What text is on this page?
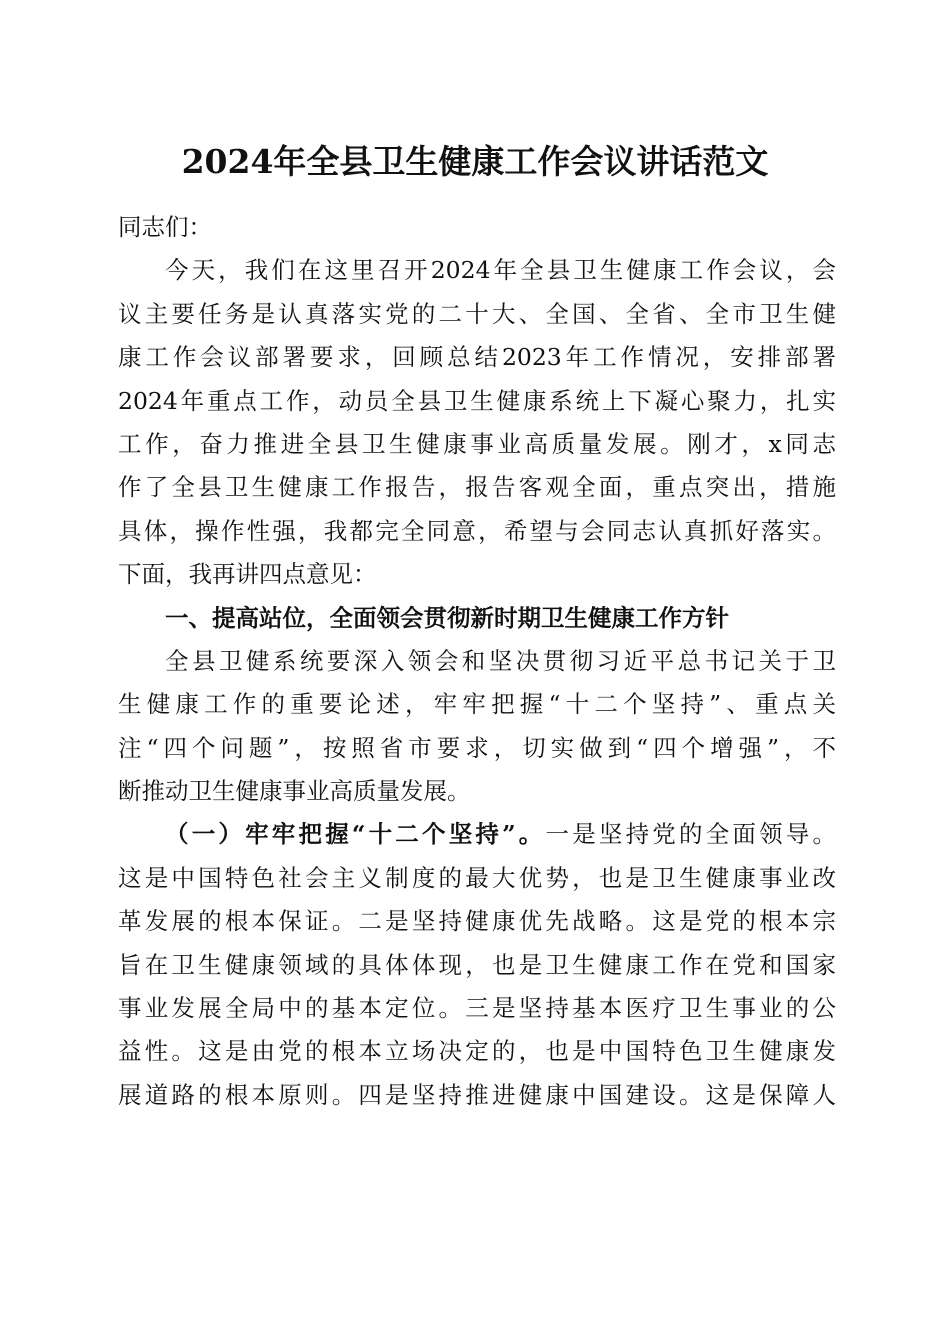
2024年全县卫生健康工作会议讲话范文
同志们：
今天，我们在这里召开2024年全县卫生健康工作会议，会
议主要任务是认真落实党的二十大、全国、全省、全市卫生健
康工作会议部署要求，回顾总结2023年工作情况，安排部署
2024年重点工作，动员全县卫生健康系统上下凝心聚力，扎实
工作，奋力推进全县卫生健康事业高质量发展。刚才，x同志
作了全县卫生健康工作报告，报告客观全面，重点突出，措施
具体，操作性强，我都完全同意，希望与会同志认真抓好落实。
下面，我再讲四点意见：
一、提高站位，全面领会贯彻新时期卫生健康工作方针
全县卫健系统要深入领会和坚决贯彻习近平总书记关于卫
生健康工作的重要论述，牢牢把握“十二个坚持”、重点关
注“四个问题”，按照省市要求，切实做到“四个增强”，不
断推动卫生健康事业高质量发展。
（一）牢牢把握“十二个坚持”。一是坚持党的全面领导。
这是中国特色社会主义制度的最大优势，也是卫生健康事业改
革发展的根本保证。二是坚持健康优先战略。这是党的根本宗
旨在卫生健康领域的具体体现，也是卫生健康工作在党和国家
事业发展全局中的基本定位。三是坚持基本医疗卫生事业的公
益性。这是由党的根本立场决定的，也是中国特色卫生健康发
展道路的根本原则。四是坚持推进健康中国建设。这是保障人
